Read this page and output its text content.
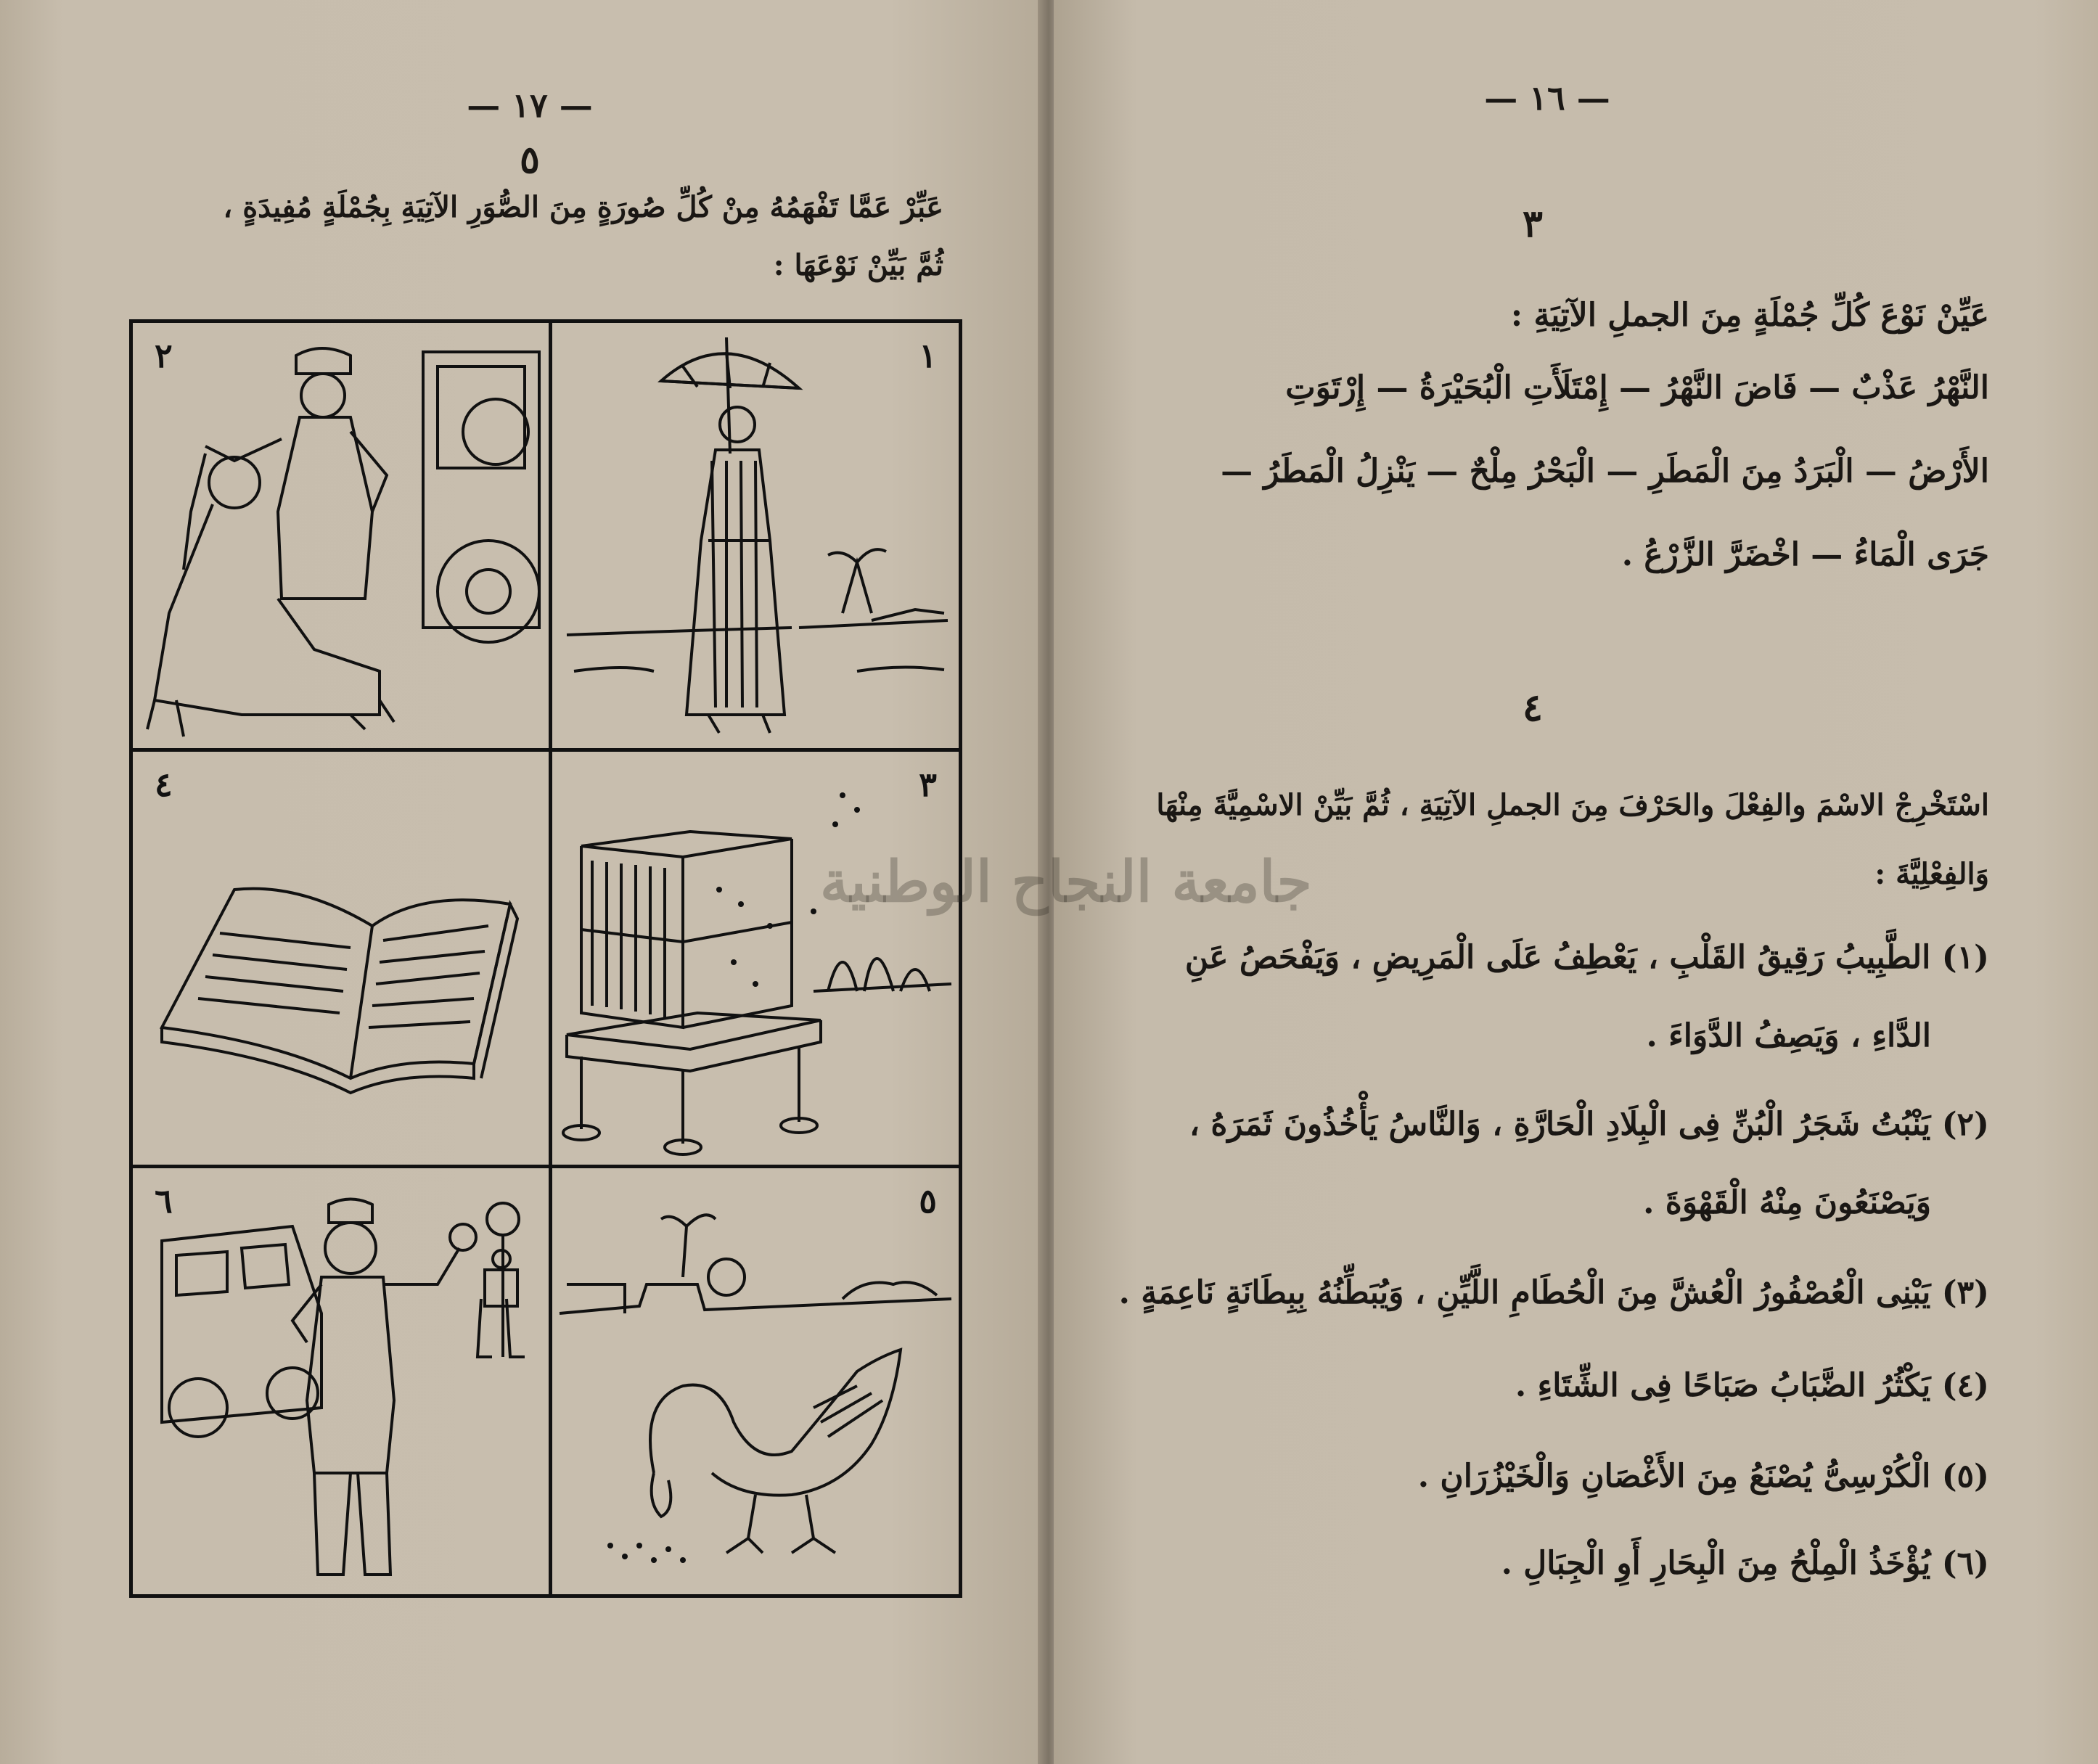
— ١٧ —
٥
عَبِّرْ عَمَّا تَفْهَمُهُ مِنْ كُلِّ صُورَةٍ مِنَ الصُّوَرِ الآتِيَةِ بِجُمْلَةٍ مُفِيدَةٍ ،
ثُمَّ بَيِّنْ نَوْعَهَا :
١
٢
٣
٤
٥
٦
— ١٦ —
٣
عَيِّنْ نَوْعَ كُلِّ جُمْلَةٍ مِنَ الجملِ الآتِيَةِ :
النَّهْرُ عَذْبٌ — فَاضَ النَّهْرُ — إِمْتَلَأَتِ الْبُحَيْرَةُ — إِرْتَوَتِ
الأَرْضُ — الْبَرَدُ مِنَ الْمَطَرِ — الْبَحْرُ مِلْحٌ — يَنْزِلُ الْمَطَرُ —
جَرَى الْمَاءُ — اخْضَرَّ الزَّرْعُ .
٤
اسْتَخْرِجْ الاسْمَ والفِعْلَ والحَرْفَ مِنَ الجملِ الآتِيَةِ ، ثُمَّ بَيِّنْ الاسْمِيَّةَ مِنْهَا
وَالفِعْلِيَّةَ :
(١) الطَّبِيبُ رَقِيقُ القَلْبِ ، يَعْطِفُ عَلَى الْمَرِيضِ ، وَيَفْحَصُ عَنِ
الدَّاءِ ، وَيَصِفُ الدَّوَاءَ .
(٢) يَنْبُتُ شَجَرُ الْبُنِّ فِى الْبِلَادِ الْحَارَّةِ ، وَالنَّاسُ يَأْخُذُونَ ثَمَرَهُ ،
وَيَصْنَعُونَ مِنْهُ الْقَهْوَةَ .
(٣) يَبْنِى الْعُصْفُورُ الْعُشَّ مِنَ الْحُطَامِ اللَّيِّنِ ، وَيُبَطِّنُهُ بِبِطَانَةٍ نَاعِمَةٍ .
(٤) يَكْثُرُ الضَّبَابُ صَبَاحًا فِى الشِّتَاءِ .
(٥) الْكُرْسِىُّ يُصْنَعُ مِنَ الأَغْصَانِ وَالْخَيْزُرَانِ .
(٦) يُؤْخَذُ الْمِلْحُ مِنَ الْبِحَارِ أَوِ الْجِبَالِ .
جامعة النجاح الوطنية
